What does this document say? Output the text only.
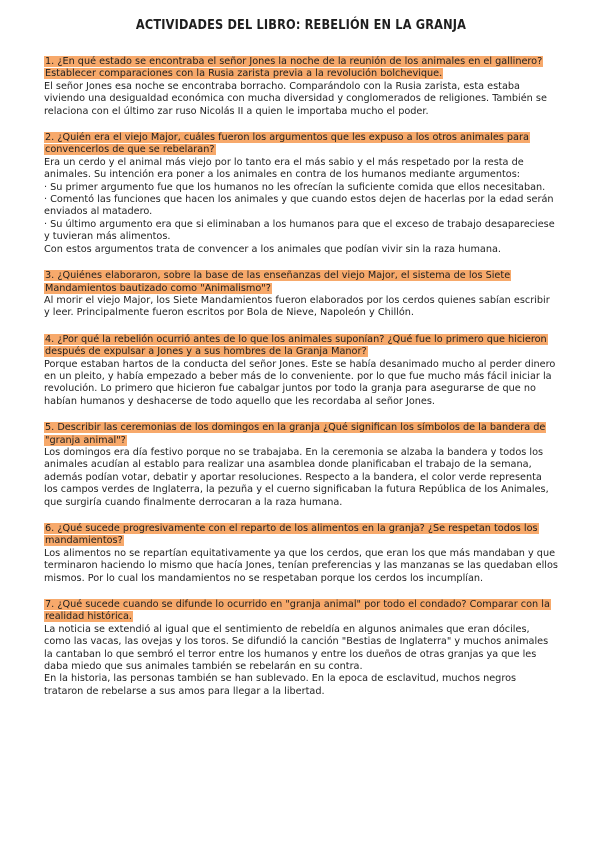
ACTIVIDADES DEL LIBRO: REBELIÓN EN LA GRANJA
1. ¿En qué estado se encontraba el señor Jones la noche de la reunión de los animales en el gallinero? Establecer comparaciones con la Rusia zarista previa a la revolución bolchevique.

El señor Jones esa noche se encontraba borracho. Comparándolo con la Rusia zarista, esta estaba viviendo una desigualdad económica con mucha diversidad y conglomerados de religiones. También se relaciona con el último zar ruso Nicolás II a quien le importaba mucho el poder.

2. ¿Quién era el viejo Major, cuáles fueron los argumentos que les expuso a los otros animales para convencerlos de que se rebelaran?

Era un cerdo y el animal más viejo por lo tanto era el más sabio y el más respetado por la resta de animales. Su intención era poner a los animales en contra de los humanos mediante argumentos:

· Su primer argumento fue que los humanos no les ofrecían la suficiente comida que ellos necesitaban.

· Comentó las funciones que hacen los animales y que cuando estos dejen de hacerlas por la edad serán enviados al matadero.

· Su último argumento era que si eliminaban a los humanos para que el exceso de trabajo desapareciese y tuvieran más alimentos.

Con estos argumentos trata de convencer a los animales que podían vivir sin la raza humana.

3. ¿Quiénes elaboraron, sobre la base de las enseñanzas del viejo Major, el sistema de los Siete Mandamientos bautizado como "Animalismo"?

Al morir el viejo Major, los Siete Mandamientos fueron elaborados por los cerdos quienes sabían escribir y leer. Principalmente fueron escritos por Bola de Nieve, Napoleón y Chillón.

4. ¿Por qué la rebelión ocurrió antes de lo que los animales suponían? ¿Qué fue lo primero que hicieron después de expulsar a Jones y a sus hombres de la Granja Manor?

Porque estaban hartos de la conducta del señor Jones. Este se había desanimado mucho al perder dinero en un pleito, y había empezado a beber más de lo conveniente. por lo que fue mucho más fácil iniciar la revolución. Lo primero que hicieron fue cabalgar juntos por todo la granja para asegurarse de que no habían humanos y deshacerse de todo aquello que les recordaba al señor Jones.

5. Describir las ceremonias de los domingos en la granja ¿Qué significan los símbolos de la bandera de "granja animal"?

Los domingos era día festivo porque no se trabajaba. En la ceremonia se alzaba la bandera y todos los animales acudían al establo para realizar una asamblea donde planificaban el trabajo de la semana, además podían votar, debatir y aportar resoluciones. Respecto a la bandera, el color verde representa los campos verdes de Inglaterra, la pezuña y el cuerno significaban la futura República de los Animales, que surgiría cuando finalmente derrocaran a la raza humana.

6. ¿Qué sucede progresivamente con el reparto de los alimentos en la granja? ¿Se respetan todos los mandamientos?

Los alimentos no se repartían equitativamente ya que los cerdos, que eran los que más mandaban y que terminaron haciendo lo mismo que hacía Jones, tenían preferencias y las manzanas se las quedaban ellos mismos. Por lo cual los mandamientos no se respetaban porque los cerdos los incumplían.

7. ¿Qué sucede cuando se difunde lo ocurrido en "granja animal" por todo el condado? Comparar con la realidad histórica.

La noticia se extendió al igual que el sentimiento de rebeldía en algunos animales que eran dóciles, como las vacas, las ovejas y los toros. Se difundió la canción "Bestias de Inglaterra" y muchos animales la cantaban lo que sembró el terror entre los humanos y entre los dueños de otras granjas ya que les daba miedo que sus animales también se rebelarán en su contra.

En la historia, las personas también se han sublevado. En la epoca de esclavitud, muchos negros trataron de rebelarse a sus amos para llegar a la libertad.
